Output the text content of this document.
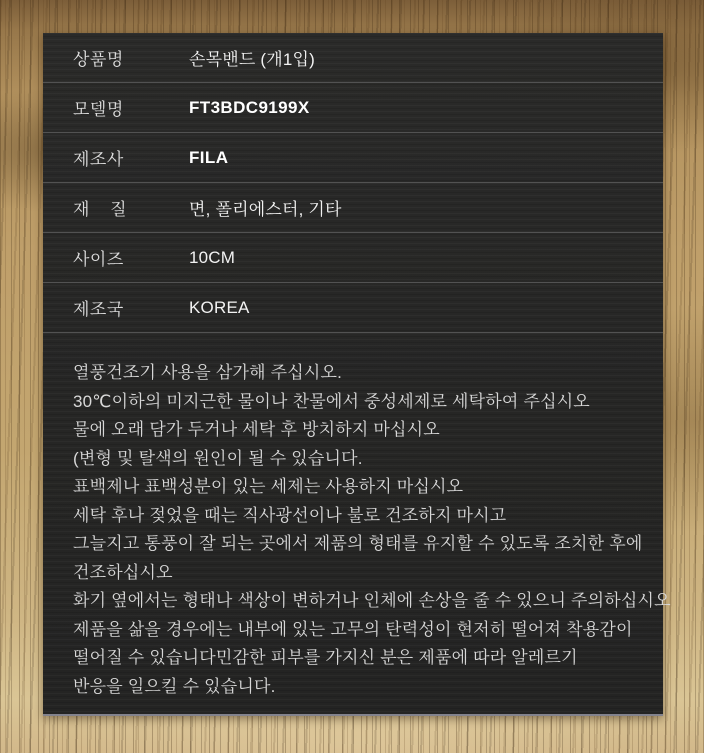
상품명	손목밴드 (개1입)
모델명	FT3BDC9199X
제조사	FILA
재 질	면, 폴리에스터, 기타
사이즈	10CM
제조국	KOREA
열풍건조기 사용을 삼가해 주십시오.
30℃이하의 미지근한 물이나 찬물에서 중성세제로 세탁하여 주십시오
물에 오래 담가 두거나 세탁 후 방치하지 마십시오
(변형 및 탈색의 원인이 될 수 있습니다.
표백제나 표백성분이 있는 세제는 사용하지 마십시오
세탁 후나 젖었을 때는 직사광선이나 불로 건조하지 마시고
그늘지고 통풍이 잘 되는 곳에서 제품의 형태를 유지할 수 있도록 조치한 후에
건조하십시오
화기 옆에서는 형태나 색상이 변하거나 인체에 손상을 줄 수 있으니 주의하십시오
제품을 삶을 경우에는 내부에 있는 고무의 탄력성이 현저히 떨어져 착용감이
떨어질 수 있습니다민감한 피부를 가지신 분은 제품에 따라 알레르기
반응을 일으킬 수 있습니다.
